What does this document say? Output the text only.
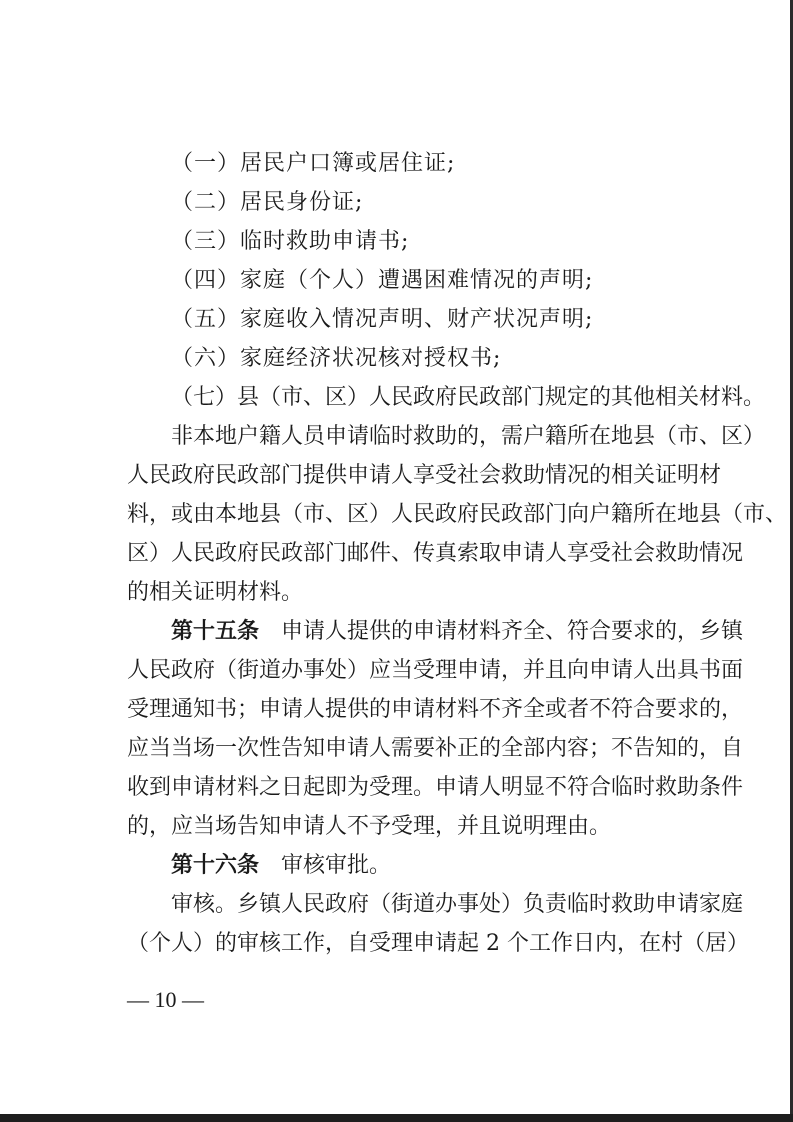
（一）居民户口簿或居住证;
（二）居民身份证;
（三）临时救助申请书;
（四）家庭（个人）遭遇困难情况的声明;
（五）家庭收入情况声明、财产状况声明;
（六）家庭经济状况核对授权书;
（七）县（市、区）人民政府民政部门规定的其他相关材料。
非本地户籍人员申请临时救助的，需户籍所在地县（市、区）
人民政府民政部门提供申请人享受社会救助情况的相关证明材
料，或由本地县（市、区）人民政府民政部门向户籍所在地县（市、
区）人民政府民政部门邮件、传真索取申请人享受社会救助情况
的相关证明材料。
第十五条　 申请人提供的申请材料齐全、符合要求的，乡镇
人民政府（街道办事处）应当受理申请，并且向申请人出具书面
受理通知书；申请人提供的申请材料不齐全或者不符合要求的，
应当当场一次性告知申请人需要补正的全部内容；不告知的，自
收到申请材料之日起即为受理。申请人明显不符合临时救助条件
的，应当场告知申请人不予受理，并且说明理由。
第十六条　 审核审批。
审核。乡镇人民政府（街道办事处）负责临时救助申请家庭
（个人）的审核工作，自受理申请起 2 个工作日内，在村（居）
— 10 —
